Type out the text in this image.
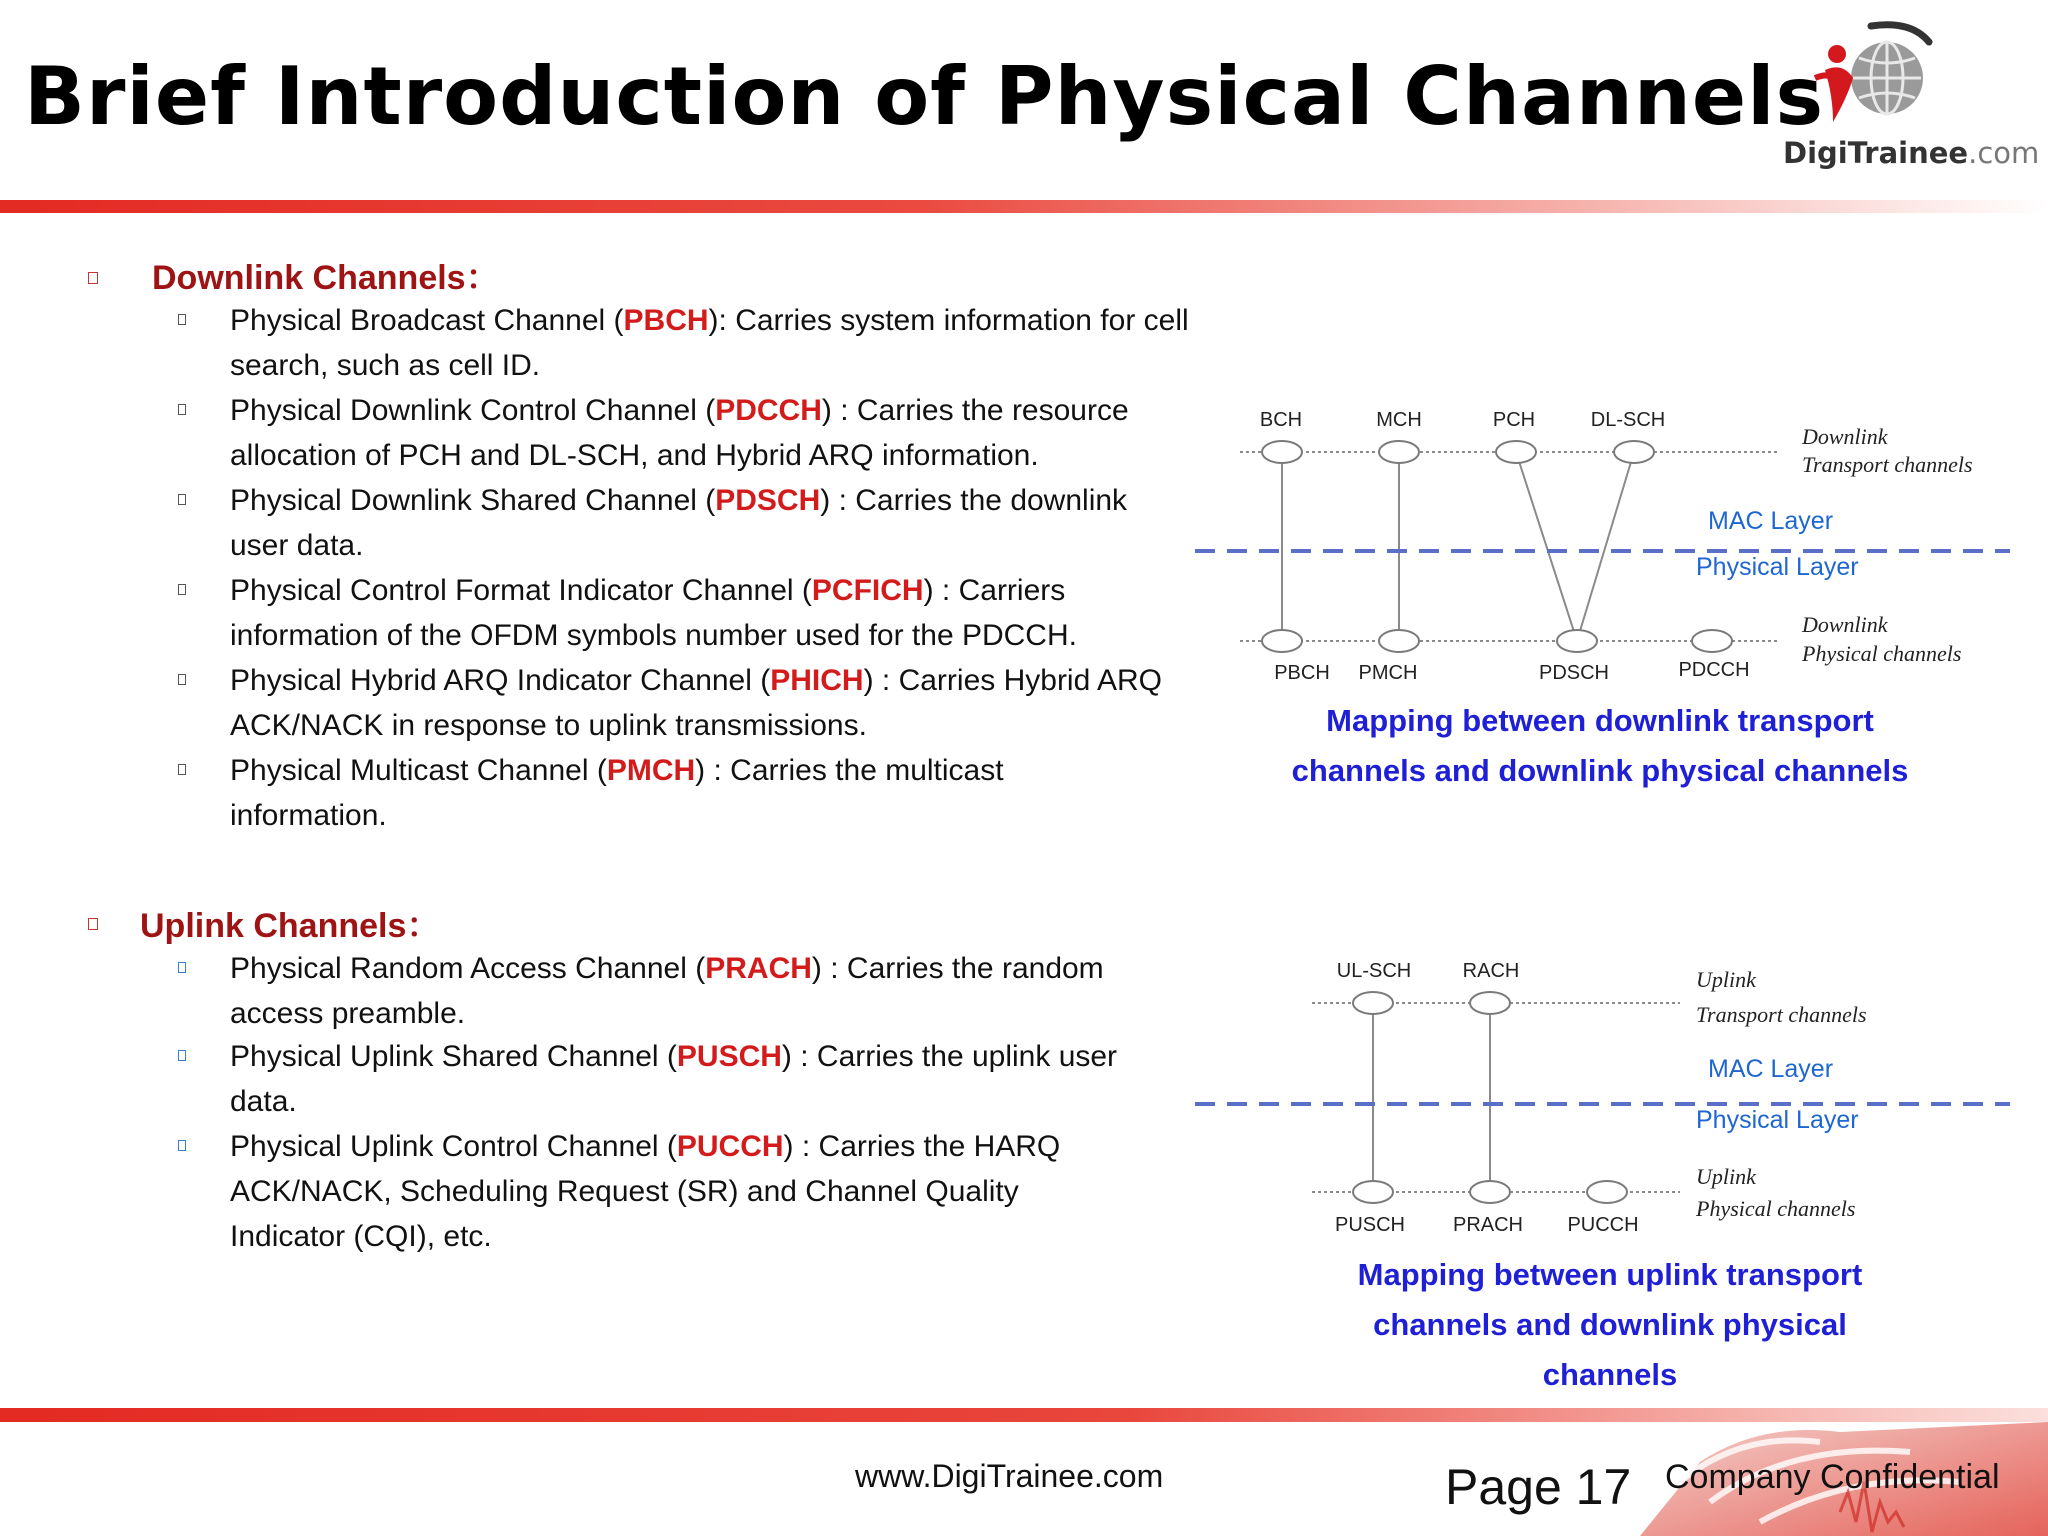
Brief Introduction of Physical Channels
DigiTrainee.com
Downlink Channels：
Physical Broadcast Channel (PBCH): Carries system information for cell search, such as cell ID.
Physical Downlink Control Channel (PDCCH) : Carries the resource allocation of PCH and DL-SCH, and Hybrid ARQ information.
Physical Downlink Shared Channel (PDSCH) : Carries the downlink user data.
Physical Control Format Indicator Channel (PCFICH) : Carriers information of the OFDM symbols number used for the PDCCH.
Physical Hybrid ARQ Indicator Channel (PHICH) : Carries Hybrid ARQ ACK/NACK in response to uplink transmissions.
Physical Multicast Channel (PMCH) : Carries the multicast information.
Uplink Channels：
Physical Random Access Channel (PRACH) : Carries the random access preamble.
Physical Uplink Shared Channel (PUSCH) : Carries the uplink user data.
Physical Uplink Control Channel (PUCCH) : Carries the HARQ ACK/NACK, Scheduling Request (SR) and Channel Quality Indicator (CQI), etc.
BCH	MCH	PCH	DL-SCH
PBCH PMCH	PDSCH	PDCCH
Downlink
Transport channels
Downlink
Physical channels
MAC Layer
Physical Layer
UL-SCH	RACH
PUSCH PRACH PUCCH
Uplink
Transport channels
Uplink
Physical channels
MAC Layer
Physical Layer
Mapping between downlink transport
channels and downlink physical channels
Mapping between uplink transport
channels and downlink physical
channels
www.DigiTrainee.com	Page 17 Company Confidential
